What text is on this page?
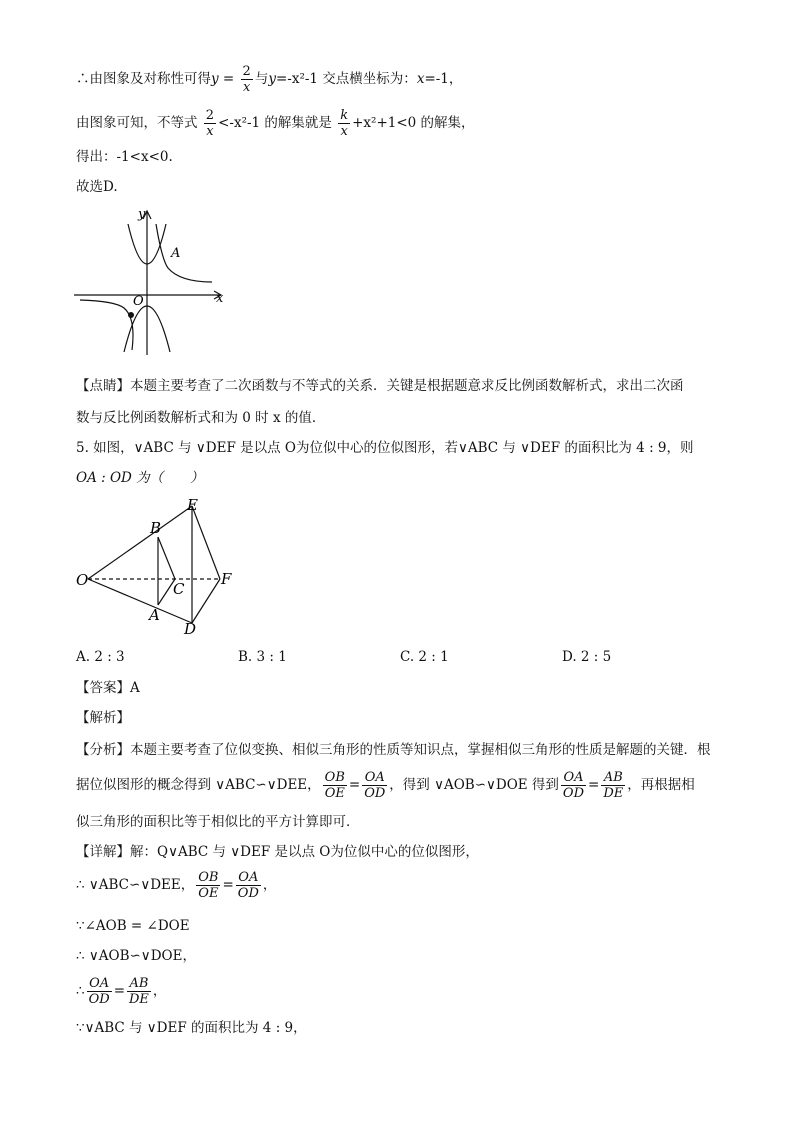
∴由图象及对称性可得$y = \frac{2}{x}$ 与y=-x²-1 交点横坐标为：x=-1，
由图象可知，不等式 $\frac{2}{x} <-x^2-1$ 的解集就是 $\frac{k}{x} +x^2+1<0$ 的解集，
得出：-1<x<0.
故选D.
y
x
O
A
【点睛】本题主要考查了二次函数与不等式的关系．关键是根据题意求反比例函数解析式，求出二次函
数与反比例函数解析式和为 0 时 x 的值．
5. 如图，∨ABC 与 ∨DEF 是以点 O为位似中心的位似图形，若∨ABC 与 ∨DEF 的面积比为 4 : 9，则
OA : OD 为（　　）
O
B
E
C
F
A
D
A. 2 : 3	B. 3 : 1	C. 2 : 1	D. 2 : 5
【答案】A
【解析】
【分析】本题主要考查了位似变换、相似三角形的性质等知识点，掌握相似三角形的性质是解题的关键．根
据位似图形的概念得到 ∨ABC∽∨DEE， $\frac{OB}{OE} = \frac{OA}{OD}$ ，得到 ∨AOB∽∨DOE 得到 $\frac{OA}{OD} = \frac{AB}{DE}$ ，再根据相
似三角形的面积比等于相似比的平方计算即可．
【详解】解：Q∨ABC 与 ∨DEF 是以点 O为位似中心的位似图形，
∴ ∨ABC∽∨DEE， $\frac{OB}{OE} = \frac{OA}{OD}$ ，
∵∠AOB = ∠DOE
∴ ∨AOB∽∨DOE，
∴ $\frac{OA}{OD} = \frac{AB}{DE}$ ，
∵∨ABC 与 ∨DEF 的面积比为 4 : 9，
